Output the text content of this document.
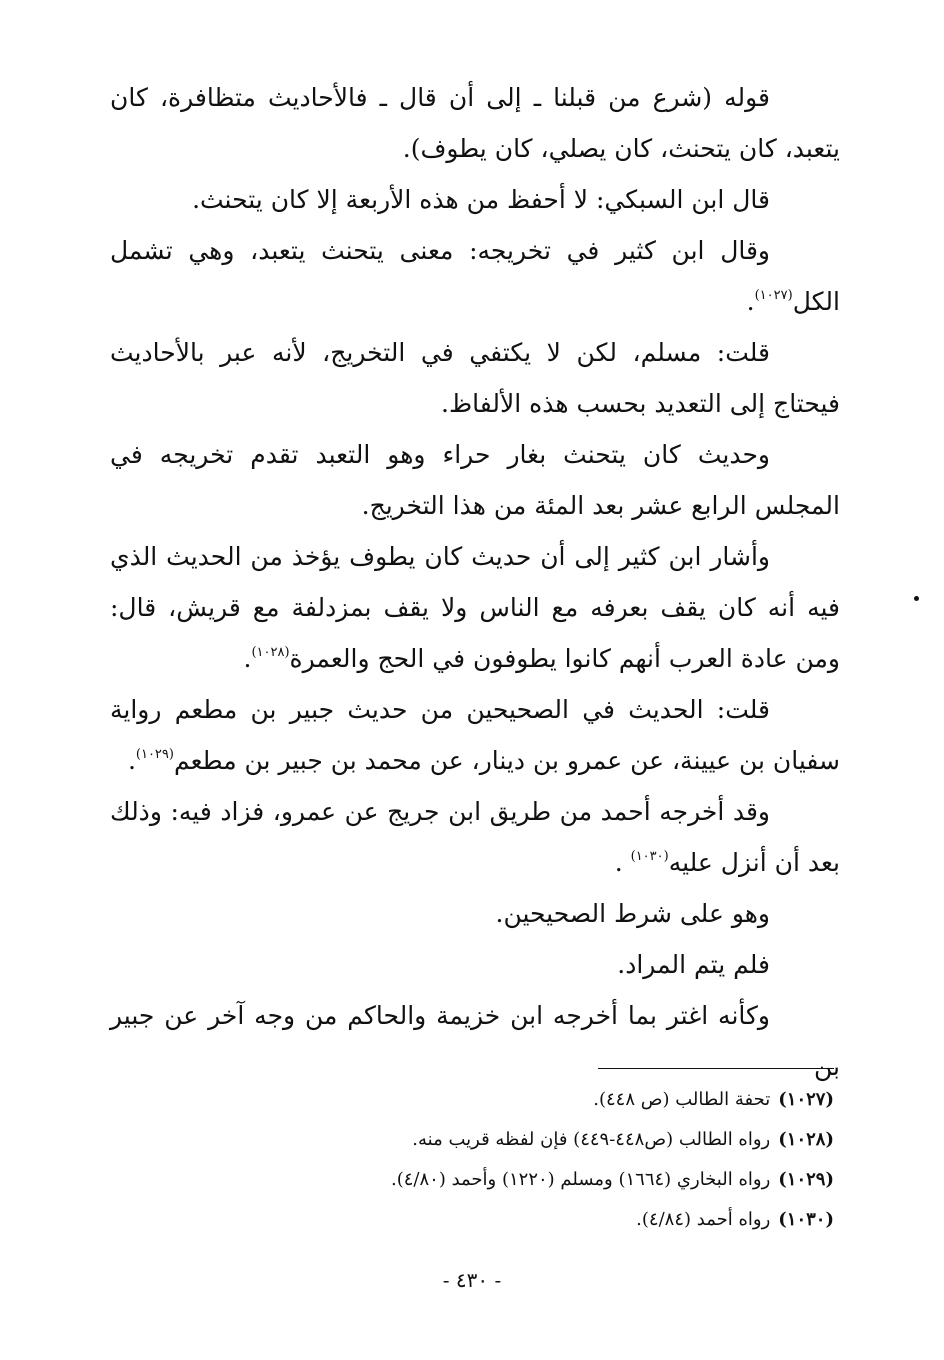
قوله (شرع من قبلنا ـ إلى أن قال ـ فالأحاديث متظافرة، كان يتعبد، كان يتحنث، كان يصلي، كان يطوف).

قال ابن السبكي: لا أحفظ من هذه الأربعة إلا كان يتحنث.

وقال ابن كثير في تخريجه: معنى يتحنث يتعبد، وهي تشمل الكل$^{(١٠٢٧)}$.

قلت: مسلم، لكن لا يكتفي في التخريج، لأنه عبر بالأحاديث فيحتاج إلى التعديد بحسب هذه الألفاظ.

وحديث كان يتحنث بغار حراء وهو التعبد تقدم تخريجه في المجلس الرابع عشر بعد المئة من هذا التخريج.

وأشار ابن كثير إلى أن حديث كان يطوف يؤخذ من الحديث الذي فيه أنه كان يقف بعرفه مع الناس ولا يقف بمزدلفة مع قريش، قال: ومن عادة العرب أنهم كانوا يطوفون في الحج والعمرة$^{(١٠٢٨)}$.

قلت: الحديث في الصحيحين من حديث جبير بن مطعم رواية سفيان بن عيينة، عن عمرو بن دينار، عن محمد بن جبير بن مطعم$^{(١٠٢٩)}$.

وقد أخرجه أحمد من طريق ابن جريج عن عمرو، فزاد فيه: وذلك بعد أن أنزل عليه$^{(١٠٣٠)}$ .

وهو على شرط الصحيحين.

فلم يتم المراد.

وكأنه اغتر بما أخرجه ابن خزيمة والحاكم من وجه آخر عن جبير بن

(١٠٢٧)تحفة الطالب (ص ٤٤٨).

(١٠٢٨)رواه الطالب (ص٤٤٨-٤٤٩) فإن لفظه قريب منه.

(١٠٢٩)رواه البخاري (١٦٦٤) ومسلم (١٢٢٠) وأحمد (٤/٨٠).

(١٠٣٠)رواه أحمد (٤/٨٤).

- ٤٣٠ -
